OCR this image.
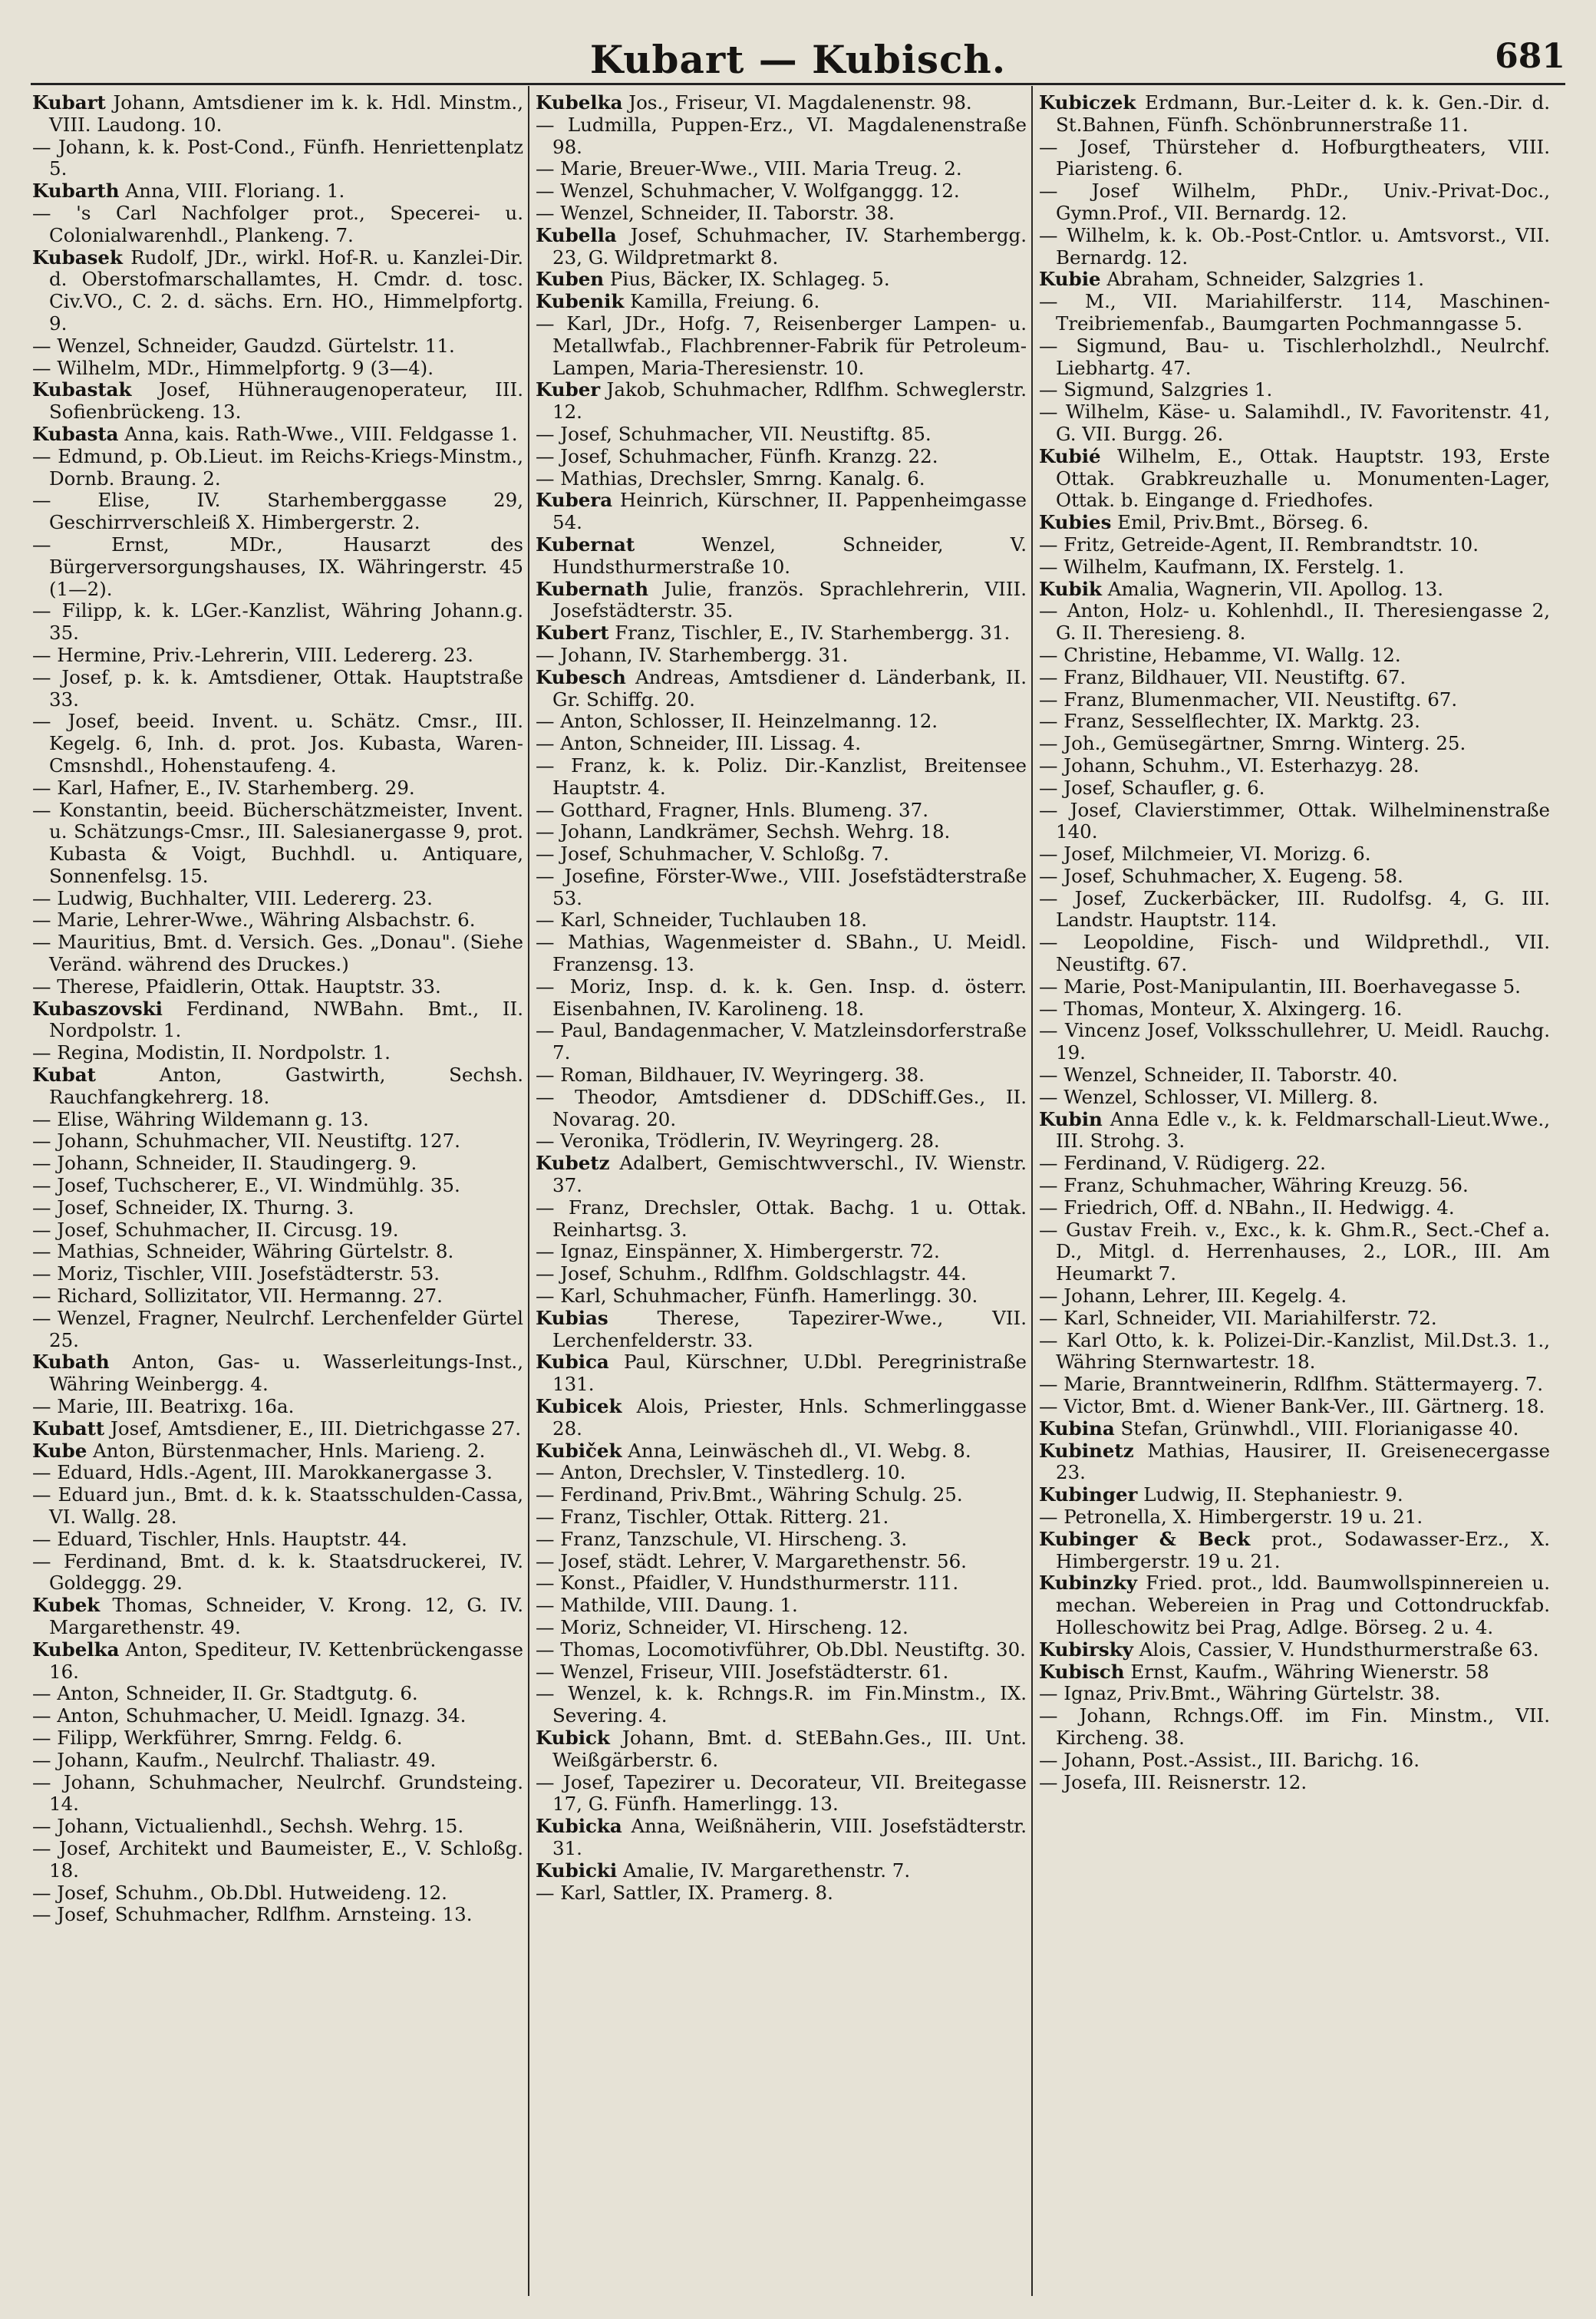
Kubart — Kubisch.	681

Kubart Johann, Amtsdiener im k. k. Hdl. Minstm., VIII. Laudong. 10.

— Johann, k. k. Post-Cond., Fünfh. Henriettenplatz 5.

Kubarth Anna, VIII. Floriang. 1.

— 's Carl Nachfolger prot., Specerei- u. Colonialwarenhdl., Plankeng. 7.

Kubasek Rudolf, JDr., wirkl. Hof-R. u. Kanzlei-Dir. d. Oberstofmarschallamtes, H. Cmdr. d. tosc. Civ.VO., C. 2. d. sächs. Ern. HO., Himmelpfortg. 9.

— Wenzel, Schneider, Gaudzd. Gürtelstr. 11.

— Wilhelm, MDr., Himmelpfortg. 9 (3—4).

Kubastak Josef, Hühneraugenoperateur, III. Sofienbrückeng. 13.

Kubasta Anna, kais. Rath-Wwe., VIII. Feldgasse 1.

— Edmund, p. Ob.Lieut. im Reichs-Kriegs-Minstm., Dornb. Braung. 2.

— Elise, IV. Starhemberggasse 29, Geschirrverschleiß X. Himbergerstr. 2.

— Ernst, MDr., Hausarzt des Bürgerversorgungshauses, IX. Währingerstr. 45 (1—2).

— Filipp, k. k. LGer.-Kanzlist, Währing Johann.g. 35.

— Hermine, Priv.-Lehrerin, VIII. Ledererg. 23.

— Josef, p. k. k. Amtsdiener, Ottak. Hauptstraße 33.

— Josef, beeid. Invent. u. Schätz. Cmsr., III. Kegelg. 6, Inh. d. prot. Jos. Kubasta, Waren-Cmsnshdl., Hohenstaufeng. 4.

— Karl, Hafner, E., IV. Starhemberg. 29.

— Konstantin, beeid. Bücherschätzmeister, Invent. u. Schätzungs-Cmsr., III. Salesianergasse 9, prot. Kubasta & Voigt, Buchhdl. u. Antiquare, Sonnenfelsg. 15.

— Ludwig, Buchhalter, VIII. Ledererg. 23.

— Marie, Lehrer-Wwe., Währing Alsbachstr. 6.

— Mauritius, Bmt. d. Versich. Ges. „Donau". (Siehe Veränd. während des Druckes.)

— Therese, Pfaidlerin, Ottak. Hauptstr. 33.

Kubaszovski Ferdinand, NWBahn. Bmt., II. Nordpolstr. 1.

— Regina, Modistin, II. Nordpolstr. 1.

Kubat Anton, Gastwirth, Sechsh. Rauchfangkehrerg. 18.

— Elise, Währing Wildemann g. 13.

— Johann, Schuhmacher, VII. Neustiftg. 127.

— Johann, Schneider, II. Staudingerg. 9.

— Josef, Tuchscherer, E., VI. Windmühlg. 35.

— Josef, Schneider, IX. Thurng. 3.

— Josef, Schuhmacher, II. Circusg. 19.

— Mathias, Schneider, Währing Gürtelstr. 8.

— Moriz, Tischler, VIII. Josefstädterstr. 53.

— Richard, Sollizitator, VII. Hermanng. 27.

— Wenzel, Fragner, Neulrchf. Lerchenfelder Gürtel 25.

Kubath Anton, Gas- u. Wasserleitungs-Inst., Währing Weinbergg. 4.

— Marie, III. Beatrixg. 16a.

Kubatt Josef, Amtsdiener, E., III. Dietrichgasse 27.

Kube Anton, Bürstenmacher, Hnls. Marieng. 2.

— Eduard, Hdls.-Agent, III. Marokkanergasse 3.

— Eduard jun., Bmt. d. k. k. Staatsschulden-Cassa, VI. Wallg. 28.

— Eduard, Tischler, Hnls. Hauptstr. 44.

— Ferdinand, Bmt. d. k. k. Staatsdruckerei, IV. Goldeggg. 29.

Kubek Thomas, Schneider, V. Krong. 12, G. IV. Margarethenstr. 49.

Kubelka Anton, Spediteur, IV. Kettenbrückengasse 16.

— Anton, Schneider, II. Gr. Stadtgutg. 6.

— Anton, Schuhmacher, U. Meidl. Ignazg. 34.

— Filipp, Werkführer, Smrng. Feldg. 6.

— Johann, Kaufm., Neulrchf. Thaliastr. 49.

— Johann, Schuhmacher, Neulrchf. Grundsteing. 14.

— Johann, Victualienhdl., Sechsh. Wehrg. 15.

— Josef, Architekt und Baumeister, E., V. Schloßg. 18.

— Josef, Schuhm., Ob.Dbl. Hutweideng. 12.

— Josef, Schuhmacher, Rdlfhm. Arnsteing. 13.

Kubelka Jos., Friseur, VI. Magdalenenstr. 98.

— Ludmilla, Puppen-Erz., VI. Magdalenenstraße 98.

— Marie, Breuer-Wwe., VIII. Maria Treug. 2.

— Wenzel, Schuhmacher, V. Wolfganggg. 12.

— Wenzel, Schneider, II. Taborstr. 38.

Kubella Josef, Schuhmacher, IV. Starhembergg. 23, G. Wildpretmarkt 8.

Kuben Pius, Bäcker, IX. Schlageg. 5.

Kubenik Kamilla, Freiung. 6.

— Karl, JDr., Hofg. 7, Reisenberger Lampen- u. Metallwfab., Flachbrenner-Fabrik für Petroleum-Lampen, Maria-Theresienstr. 10.

Kuber Jakob, Schuhmacher, Rdlfhm. Schweglerstr. 12.

— Josef, Schuhmacher, VII. Neustiftg. 85.

— Josef, Schuhmacher, Fünfh. Kranzg. 22.

— Mathias, Drechsler, Smrng. Kanalg. 6.

Kubera Heinrich, Kürschner, II. Pappenheimgasse 54.

Kubernat Wenzel, Schneider, V. Hundsthurmerstraße 10.

Kubernath Julie, französ. Sprachlehrerin, VIII. Josefstädterstr. 35.

Kubert Franz, Tischler, E., IV. Starhembergg. 31.

— Johann, IV. Starhembergg. 31.

Kubesch Andreas, Amtsdiener d. Länderbank, II. Gr. Schiffg. 20.

— Anton, Schlosser, II. Heinzelmanng. 12.

— Anton, Schneider, III. Lissag. 4.

— Franz, k. k. Poliz. Dir.-Kanzlist, Breitensee Hauptstr. 4.

— Gotthard, Fragner, Hnls. Blumeng. 37.

— Johann, Landkrämer, Sechsh. Wehrg. 18.

— Josef, Schuhmacher, V. Schloßg. 7.

— Josefine, Förster-Wwe., VIII. Josefstädterstraße 53.

— Karl, Schneider, Tuchlauben 18.

— Mathias, Wagenmeister d. SBahn., U. Meidl. Franzensg. 13.

— Moriz, Insp. d. k. k. Gen. Insp. d. österr. Eisenbahnen, IV. Karolineng. 18.

— Paul, Bandagenmacher, V. Matzleinsdorferstraße 7.

— Roman, Bildhauer, IV. Weyringerg. 38.

— Theodor, Amtsdiener d. DDSchiff.Ges., II. Novarag. 20.

— Veronika, Trödlerin, IV. Weyringerg. 28.

Kubetz Adalbert, Gemischtwverschl., IV. Wienstr. 37.

— Franz, Drechsler, Ottak. Bachg. 1 u. Ottak. Reinhartsg. 3.

— Ignaz, Einspänner, X. Himbergerstr. 72.

— Josef, Schuhm., Rdlfhm. Goldschlagstr. 44.

— Karl, Schuhmacher, Fünfh. Hamerlingg. 30.

Kubias Therese, Tapezirer-Wwe., VII. Lerchenfelderstr. 33.

Kubica Paul, Kürschner, U.Dbl. Peregrinistraße 131.

Kubicek Alois, Priester, Hnls. Schmerlinggasse 28.

Kubiček Anna, Leinwäscheh dl., VI. Webg. 8.

— Anton, Drechsler, V. Tinstedlerg. 10.

— Ferdinand, Priv.Bmt., Währing Schulg. 25.

— Franz, Tischler, Ottak. Ritterg. 21.

— Franz, Tanzschule, VI. Hirscheng. 3.

— Josef, städt. Lehrer, V. Margarethenstr. 56.

— Konst., Pfaidler, V. Hundsthurmerstr. 111.

— Mathilde, VIII. Daung. 1.

— Moriz, Schneider, VI. Hirscheng. 12.

— Thomas, Locomotivführer, Ob.Dbl. Neustiftg. 30.

— Wenzel, Friseur, VIII. Josefstädterstr. 61.

— Wenzel, k. k. Rchngs.R. im Fin.Minstm., IX. Severing. 4.

Kubick Johann, Bmt. d. StEBahn.Ges., III. Unt. Weißgärberstr. 6.

— Josef, Tapezirer u. Decorateur, VII. Breitegasse 17, G. Fünfh. Hamerlingg. 13.

Kubicka Anna, Weißnäherin, VIII. Josefstädterstr. 31.

Kubicki Amalie, IV. Margarethenstr. 7.

— Karl, Sattler, IX. Pramerg. 8.

Kubiczek Erdmann, Bur.-Leiter d. k. k. Gen.-Dir. d. St.Bahnen, Fünfh. Schönbrunnerstraße 11.

— Josef, Thürsteher d. Hofburgtheaters, VIII. Piaristeng. 6.

— Josef Wilhelm, PhDr., Univ.-Privat-Doc., Gymn.Prof., VII. Bernardg. 12.

— Wilhelm, k. k. Ob.-Post-Cntlor. u. Amtsvorst., VII. Bernardg. 12.

Kubie Abraham, Schneider, Salzgries 1.

— M., VII. Mariahilferstr. 114, Maschinen-Treibriemenfab., Baumgarten Pochmanngasse 5.

— Sigmund, Bau- u. Tischlerholzhdl., Neulrchf. Liebhartg. 47.

— Sigmund, Salzgries 1.

— Wilhelm, Käse- u. Salamihdl., IV. Favoritenstr. 41, G. VII. Burgg. 26.

Kubié Wilhelm, E., Ottak. Hauptstr. 193, Erste Ottak. Grabkreuzhalle u. Monumenten-Lager, Ottak. b. Eingange d. Friedhofes.

Kubies Emil, Priv.Bmt., Börseg. 6.

— Fritz, Getreide-Agent, II. Rembrandtstr. 10.

— Wilhelm, Kaufmann, IX. Ferstelg. 1.

Kubik Amalia, Wagnerin, VII. Apollog. 13.

— Anton, Holz- u. Kohlenhdl., II. Theresiengasse 2, G. II. Theresieng. 8.

— Christine, Hebamme, VI. Wallg. 12.

— Franz, Bildhauer, VII. Neustiftg. 67.

— Franz, Blumenmacher, VII. Neustiftg. 67.

— Franz, Sesselflechter, IX. Marktg. 23.

— Joh., Gemüsegärtner, Smrng. Winterg. 25.

— Johann, Schuhm., VI. Esterhazyg. 28.

— Josef, Schaufler, g. 6.

— Josef, Clavierstimmer, Ottak. Wilhelminenstraße 140.

— Josef, Milchmeier, VI. Morizg. 6.

— Josef, Schuhmacher, X. Eugeng. 58.

— Josef, Zuckerbäcker, III. Rudolfsg. 4, G. III. Landstr. Hauptstr. 114.

— Leopoldine, Fisch- und Wildprethdl., VII. Neustiftg. 67.

— Marie, Post-Manipulantin, III. Boerhavegasse 5.

— Thomas, Monteur, X. Alxingerg. 16.

— Vincenz Josef, Volksschullehrer, U. Meidl. Rauchg. 19.

— Wenzel, Schneider, II. Taborstr. 40.

— Wenzel, Schlosser, VI. Millerg. 8.

Kubin Anna Edle v., k. k. Feldmarschall-Lieut.Wwe., III. Strohg. 3.

— Ferdinand, V. Rüdigerg. 22.

— Franz, Schuhmacher, Währing Kreuzg. 56.

— Friedrich, Off. d. NBahn., II. Hedwigg. 4.

— Gustav Freih. v., Exc., k. k. Ghm.R., Sect.-Chef a. D., Mitgl. d. Herrenhauses, 2., LOR., III. Am Heumarkt 7.

— Johann, Lehrer, III. Kegelg. 4.

— Karl, Schneider, VII. Mariahilferstr. 72.

— Karl Otto, k. k. Polizei-Dir.-Kanzlist, Mil.Dst.3. 1., Währing Sternwartestr. 18.

— Marie, Branntweinerin, Rdlfhm. Stättermayerg. 7.

— Victor, Bmt. d. Wiener Bank-Ver., III. Gärtnerg. 18.

Kubina Stefan, Grünwhdl., VIII. Florianigasse 40.

Kubinetz Mathias, Hausirer, II. Greisenecergasse 23.

Kubinger Ludwig, II. Stephaniestr. 9.

— Petronella, X. Himbergerstr. 19 u. 21.

Kubinger & Beck prot., Sodawasser-Erz., X. Himbergerstr. 19 u. 21.

Kubinzky Fried. prot., ldd. Baumwollspinnereien u. mechan. Webereien in Prag und Cottondruckfab. Holleschowitz bei Prag, Adlge. Börseg. 2 u. 4.

Kubirsky Alois, Cassier, V. Hundsthurmerstraße 63.

Kubisch Ernst, Kaufm., Währing Wienerstr. 58

— Ignaz, Priv.Bmt., Währing Gürtelstr. 38.

— Johann, Rchngs.Off. im Fin. Minstm., VII. Kircheng. 38.

— Johann, Post.-Assist., III. Barichg. 16.

— Josefa, III. Reisnerstr. 12.
